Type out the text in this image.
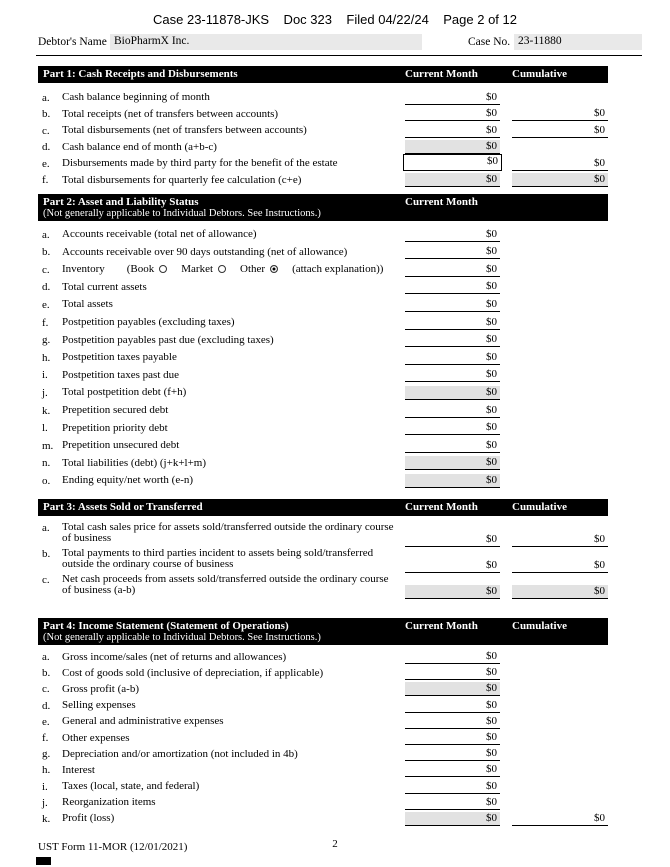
Case 23-11878-JKS    Doc 323    Filed 04/22/24    Page 2 of 12
Debtor's Name BioPharmX Inc.	Case No. 23-11880
Part 1: Cash Receipts and Disbursements	Current Month	Cumulative
a. Cash balance beginning of month	$0
b. Total receipts (net of transfers between accounts)	$0	$0
c. Total disbursements (net of transfers between accounts)	$0	$0
d. Cash balance end of month (a+b-c)	$0
e. Disbursements made by third party for the benefit of the estate	$0	$0
f. Total disbursements for quarterly fee calculation (c+e)	$0	$0
Part 2: Asset and Liability Status
(Not generally applicable to Individual Debtors. See Instructions.)
Current Month
a. Accounts receivable (total net of allowance)	$0
b. Accounts receivable over 90 days outstanding (net of allowance)	$0
c. Inventory (Book Market Other (attach explanation))	$0
d. Total current assets	$0
e. Total assets	$0
f. Postpetition payables (excluding taxes)	$0
g. Postpetition payables past due (excluding taxes)	$0
h. Postpetition taxes payable	$0
i. Postpetition taxes past due	$0
j. Total postpetition debt (f+h)	$0
k. Prepetition secured debt	$0
l. Prepetition priority debt	$0
m. Prepetition unsecured debt	$0
n. Total liabilities (debt) (j+k+l+m)	$0
o. Ending equity/net worth (e-n)	$0
Part 3: Assets Sold or Transferred	Current Month	Cumulative
a. Total cash sales price for assets sold/transferred outside the ordinary course of business	$0	$0
b. Total payments to third parties incident to assets being sold/transferred outside the ordinary course of business	$0	$0
c. Net cash proceeds from assets sold/transferred outside the ordinary course of business (a-b)	$0	$0
Part 4: Income Statement (Statement of Operations)
(Not generally applicable to Individual Debtors. See Instructions.)
Current Month	Cumulative
a. Gross income/sales (net of returns and allowances)	$0
b. Cost of goods sold (inclusive of depreciation, if applicable)	$0
c. Gross profit (a-b)	$0
d. Selling expenses	$0
e. General and administrative expenses	$0
f. Other expenses	$0
g. Depreciation and/or amortization (not included in 4b)	$0
h. Interest	$0
i. Taxes (local, state, and federal)	$0
j. Reorganization items	$0
k. Profit (loss)	$0	$0
UST Form 11-MOR (12/01/2021)	2
